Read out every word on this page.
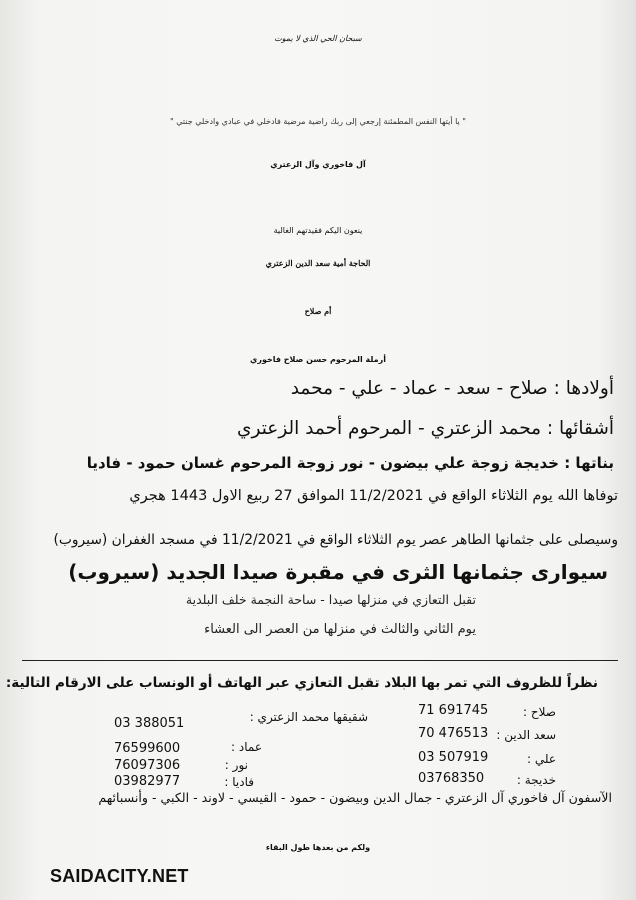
سبحان الحي الذي لا يموت
" يا أيتها النفس المطمئنة إرجعي إلى ربك راضية مرضية فادخلي في عبادي وادخلي جنتي "
آل فاخوري وآل الزعتري
ينعون اليكم فقيدتهم الغالية
الحاجة أمية سعد الدين الزعتري
أم صلاح
أرملة المرحوم حسن صلاح فاخوري
أولادها : صلاح - سعد - عماد - علي - محمد
أشقائها : محمد الزعتري - المرحوم أحمد الزعتري
بناتها : خديجة زوجة علي بيضون - نور زوجة المرحوم غسان حمود - فاديا
توفاها الله يوم الثلاثاء الواقع في 11/2/2021 الموافق 27 ربيع الاول 1443 هجري
وسيصلى على جثمانها الطاهر عصر يوم الثلاثاء الواقع في 11/2/2021 في مسجد الغفران (سيروب)
سيوارى جثمانها الثرى في مقبرة صيدا الجديد (سيروب)
تقبل التعازي في منزلها صيدا - ساحة النجمة خلف البلدية
يوم الثاني والثالث في منزلها من العصر الى العشاء
نظراً للظروف التي تمر بها البلاد تقبل التعازي عبر الهاتف أو الونساب على الارقام التالية:
صلاح :
71 691745
سعد الدين :
70 476513
علي :
03 507919
خديجة :
03768350
شقيقها محمد الزعتري :
03 388051
عماد :
76599600
نور :
76097306
فاديا :
03982977
الآسفون آل فاخوري آل الزعتري - جمال الدين وبيضون - حمود - القيسي - لاوند - الكبي - وأنسبائهم
ولكم من بعدها طول البقاء
SAIDACITY.NET
